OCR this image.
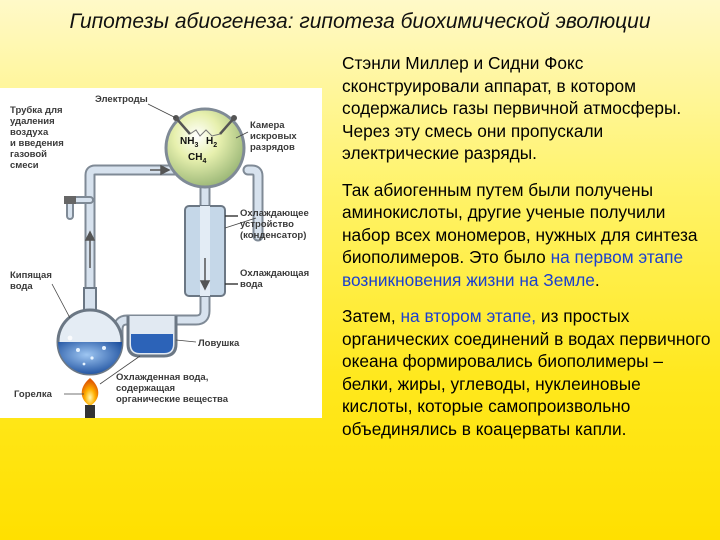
Гипотезы абиогенеза: гипотеза биохимической эволюции
$NH_3$ $H_2$
$CH_4$
Трубка для удаления воздуха и введения газовой смеси
Электроды
Камера искровых разрядов
Охлаждающее устройство (конденсатор)
Охлаждающая вода
Кипящая вода
Ловушка
Горелка
Охлажденная вода, содержащая органические вещества

Стэнли Миллер и Сидни Фокс сконструировали аппарат, в котором содержались газы первичной атмосферы. Через эту смесь они пропускали электрические разряды.

Так абиогенным путем были получены аминокислоты, другие ученые получили набор всех мономеров, нужных для синтеза биополимеров. Это было на первом этапе возникновения жизни на Земле.

Затем, на втором этапе, из простых органических соединений в водах первичного океана формировались биополимеры – белки, жиры, углеводы, нуклеиновые кислоты, которые самопроизвольно объединялись в коацерваты капли.
